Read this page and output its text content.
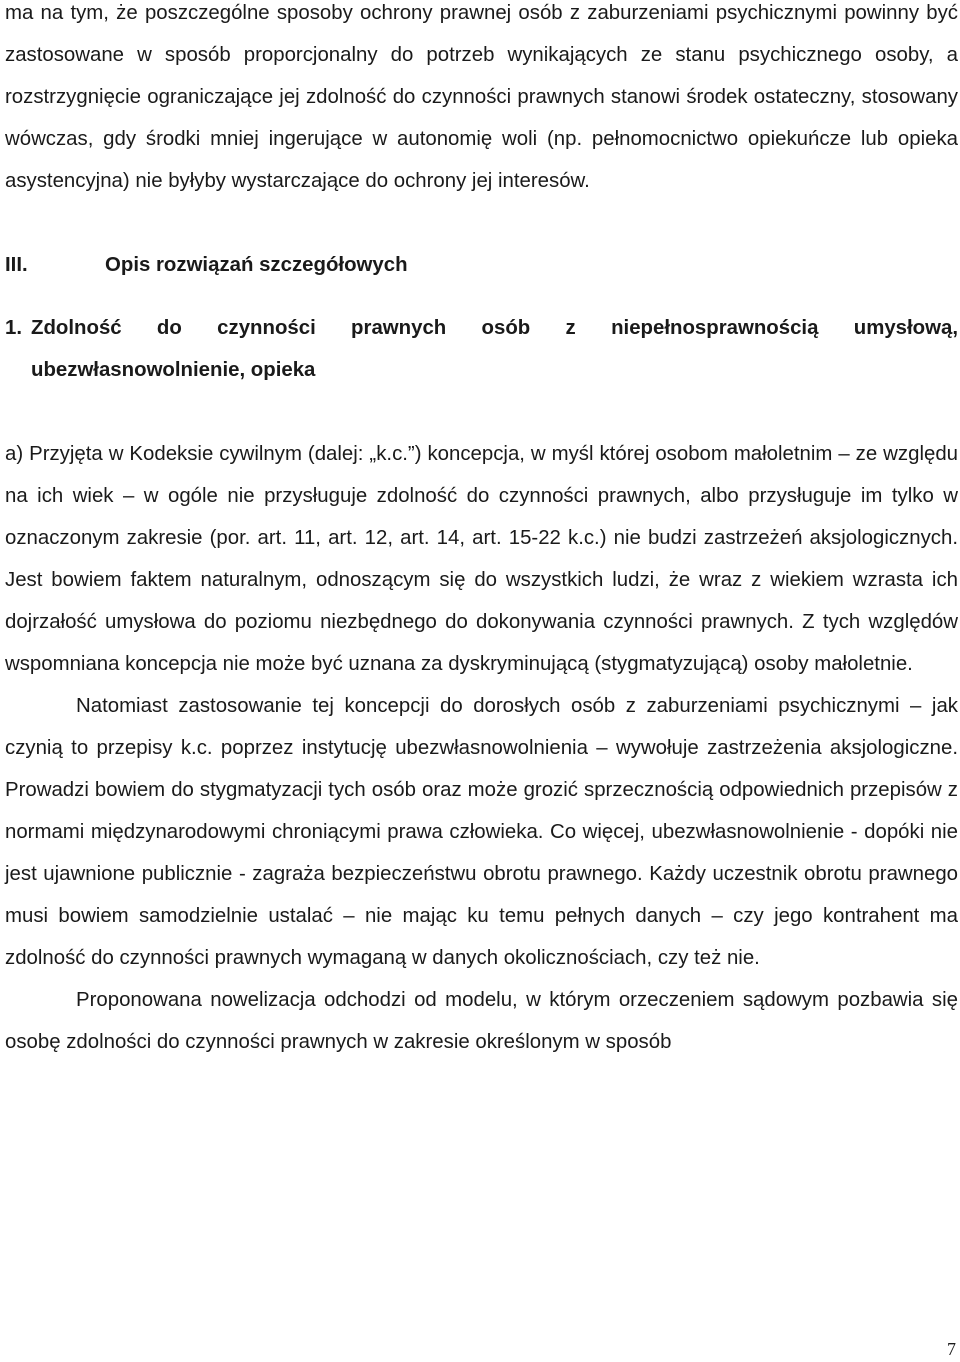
ma na tym, że poszczególne sposoby ochrony prawnej osób z zaburzeniami psychicznymi powinny być zastosowane w sposób proporcjonalny do potrzeb wynikających ze stanu psychicznego osoby, a rozstrzygnięcie ograniczające jej zdolność do czynności prawnych stanowi środek ostateczny, stosowany wówczas, gdy środki mniej ingerujące w autonomię woli (np. pełnomocnictwo opiekuńcze lub opieka asystencyjna) nie byłyby wystarczające do ochrony jej interesów.

III.	Opis rozwiązań szczegółowych
1. Zdolność do czynności prawnych osób z niepełnosprawnością umysłową, ubezwłasnowolnienie, opieka

a) Przyjęta w Kodeksie cywilnym (dalej: „k.c.”) koncepcja, w myśl której osobom małoletnim – ze względu na ich wiek – w ogóle nie przysługuje zdolność do czynności prawnych, albo przysługuje im tylko w oznaczonym zakresie (por. art. 11, art. 12, art. 14, art. 15-22 k.c.) nie budzi zastrzeżeń aksjologicznych. Jest bowiem faktem naturalnym, odnoszącym się do wszystkich ludzi, że wraz z wiekiem wzrasta ich dojrzałość umysłowa do poziomu niezbędnego do dokonywania czynności prawnych. Z tych względów wspomniana koncepcja nie może być uznana za dyskryminującą (stygmatyzującą) osoby małoletnie.

Natomiast zastosowanie tej koncepcji do dorosłych osób z zaburzeniami psychicznymi – jak czynią to przepisy k.c. poprzez instytucję ubezwłasnowolnienia – wywołuje zastrzeżenia aksjologiczne. Prowadzi bowiem do stygmatyzacji tych osób oraz może grozić sprzecznością odpowiednich przepisów z normami międzynarodowymi chroniącymi prawa człowieka. Co więcej, ubezwłasnowolnienie - dopóki nie jest ujawnione publicznie - zagraża bezpieczeństwu obrotu prawnego. Każdy uczestnik obrotu prawnego musi bowiem samodzielnie ustalać – nie mając ku temu pełnych danych – czy jego kontrahent ma zdolność do czynności prawnych wymaganą w danych okolicznościach, czy też nie.

Proponowana nowelizacja odchodzi od modelu, w którym orzeczeniem sądowym pozbawia się osobę zdolności do czynności prawnych w zakresie określonym w sposób

7
